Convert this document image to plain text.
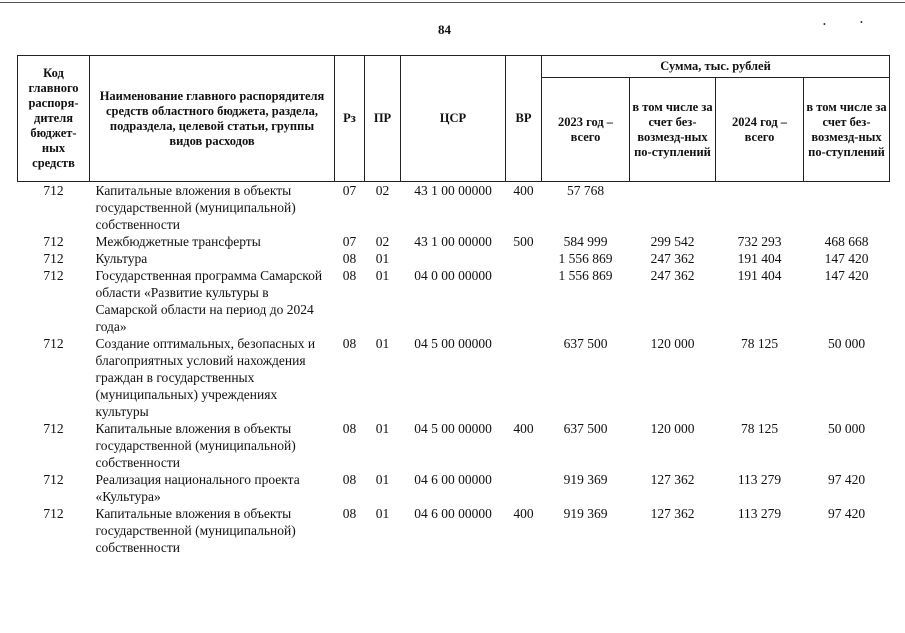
84	•	•
Код главного распоря-дителя бюджет-ных средств	Наименование главного распорядителя средств областного бюджета, раздела, подраздела, целевой статьи, группы видов расходов	Рз	ПР	ЦСР	ВР	Сумма, тыс. рублей			
						2023 год – всего	в том числе за счет без-возмезд-ных по-ступлений	2024 год – всего	в том числе за счет без-возмезд-ных по-ступлений
712	Капитальные вложения в объекты государственной (муниципальной) собственности	07	02	43 1 00 00000	400	57 768			
712	Межбюджетные трансферты	07	02	43 1 00 00000	500	584 999	299 542	732 293	468 668
712	Культура	08	01			1 556 869	247 362	191 404	147 420
712	Государственная программа Самарской области «Развитие культуры в Самарской области на период до 2024 года»	08	01	04 0 00 00000		1 556 869	247 362	191 404	147 420
712	Создание оптимальных, безопасных и благоприятных условий нахождения граждан в государственных (муниципальных) учреждениях культуры	08	01	04 5 00 00000		637 500	120 000	78 125	50 000
712	Капитальные вложения в объекты государственной (муниципальной) собственности	08	01	04 5 00 00000	400	637 500	120 000	78 125	50 000
712	Реализация национального проекта «Культура»	08	01	04 6 00 00000		919 369	127 362	113 279	97 420
712	Капитальные вложения в объекты государственной (муниципальной) собственности	08	01	04 6 00 00000	400	919 369	127 362	113 279	97 420
